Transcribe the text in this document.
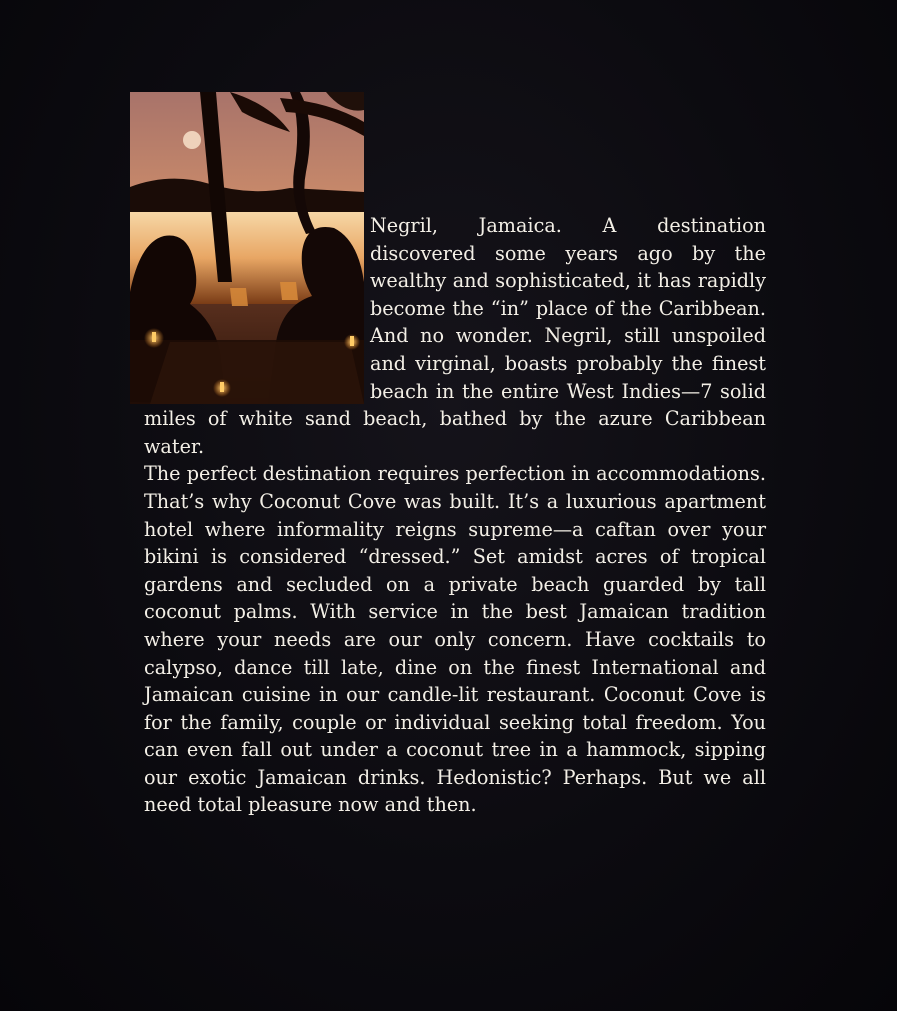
Negril, Jamaica. A destination discovered some years ago by the wealthy and sophisticated, it has rapidly become the “in” place of the Caribbean. And no wonder. Negril, still unspoiled and virginal, boasts probably the finest beach in the entire West Indies—7 solid miles of white sand beach, bathed by the azure Caribbean water.

The perfect destination requires perfection in accommodations. That’s why Coconut Cove was built. It’s a luxurious apartment hotel where informality reigns supreme—a caftan over your bikini is considered “dressed.” Set amidst acres of tropical gardens and secluded on a private beach guarded by tall coconut palms. With service in the best Jamaican tradition where your needs are our only concern. Have cocktails to calypso, dance till late, dine on the finest International and Jamaican cuisine in our candle-lit restaurant. Coconut Cove is for the family, couple or individual seeking total freedom. You can even fall out under a coconut tree in a hammock, sipping our exotic Jamaican drinks. Hedonistic? Perhaps. But we all need total pleasure now and then.
